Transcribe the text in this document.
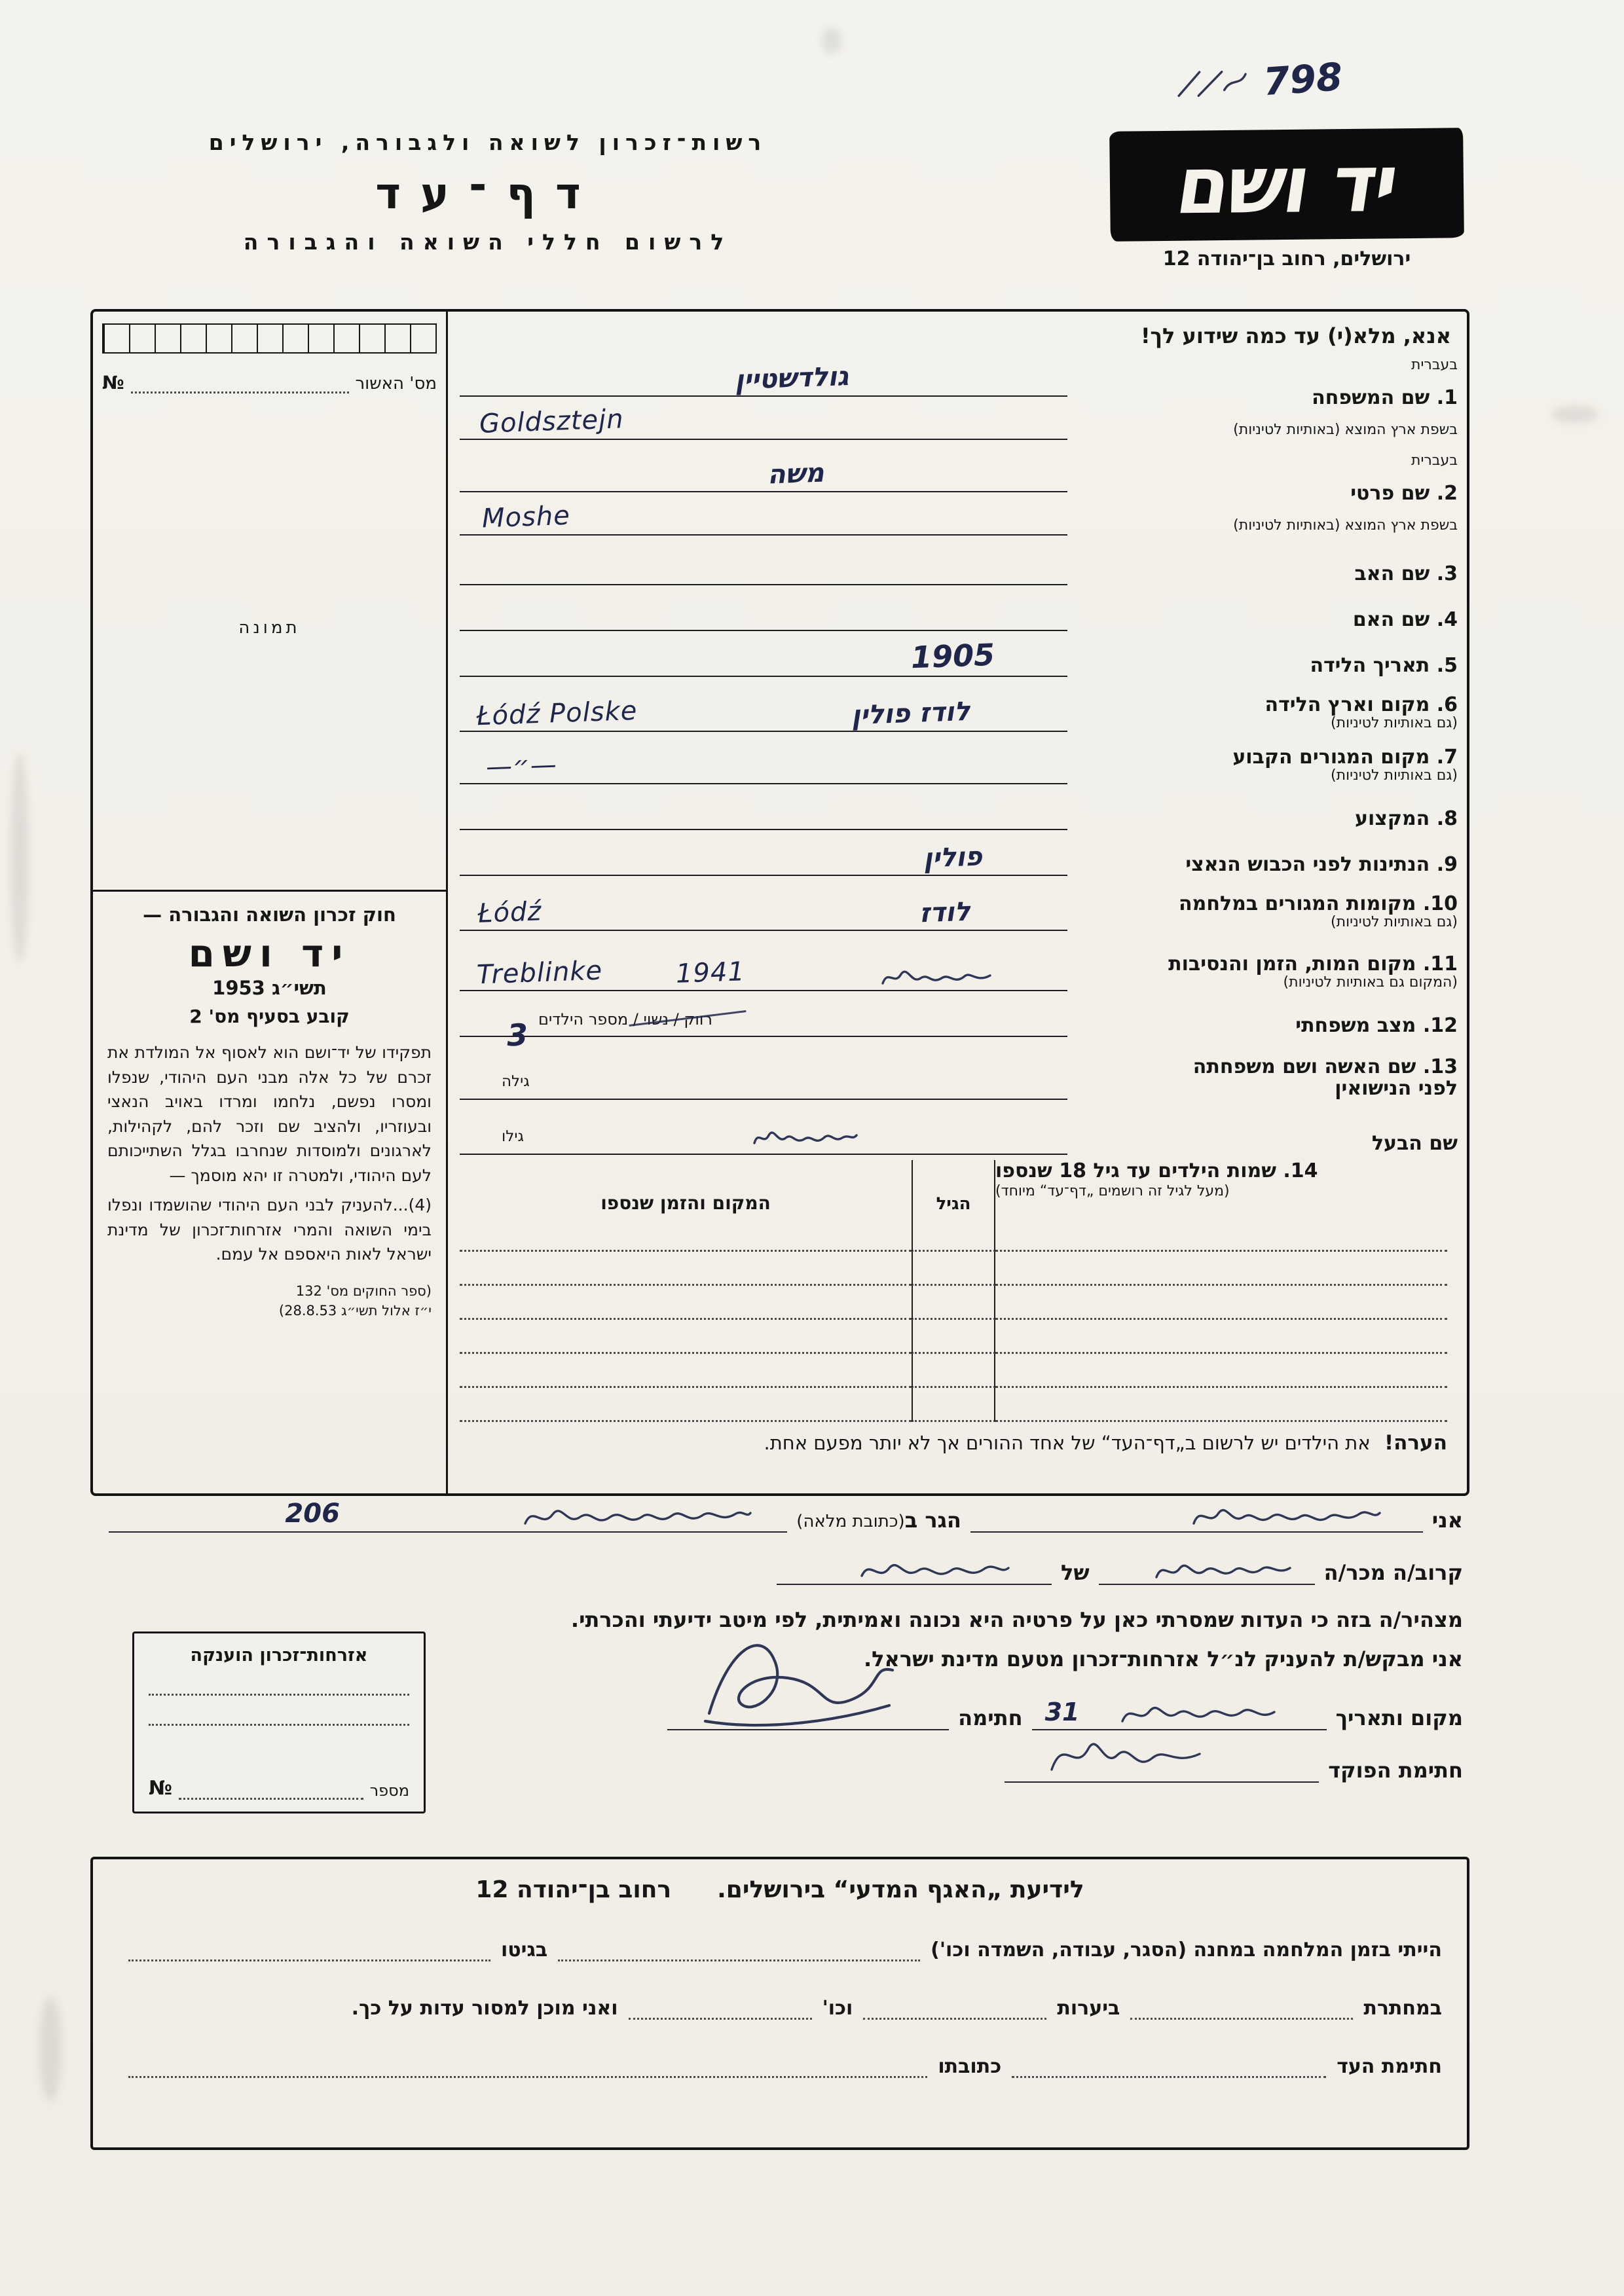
798
רשות־זכרון לשואה ולגבורה, ירושלים
דף־עד
לרשום חללי השואה והגבורה
יד ושם
ירושלים, רחוב בן־יהודה 12
אנא, מלא(י) עד כמה שידוע לך!
בעברית
1. שם המשפחה
בשפת ארץ המוצא (באותיות לטיניות)
גולדשטיין
Goldsztejn
בעברית
2. שם פרטי
בשפת ארץ המוצא (באותיות לטיניות)
משה
Moshe
3. שם האב
4. שם האם
5. תאריך הלידה
1905
6. מקום וארץ הלידה
(גם באותיות לטיניות)
לודז פולין
Łódź Polske
7. מקום המגורים הקבוע
(גם באותיות לטיניות)
—״—
8. המקצוע
9. הנתינות לפני הכבוש הנאצי
פולין
10. מקומות המגורים במלחמה
(גם באותיות לטיניות)
לודז
Łódź
11. מקום המות, הזמן והנסיבות
(המקום גם באותיות לטיניות)
Treblinke	1941
12. מצב משפחתי
רווק / נשוי / מספר הילדים
3
13. שם האשה ושם משפחתה
לפני הנישואין
גילה
שם הבעל
גילו
14. שמות הילדים עד גיל 18 שנספו
(מעל לגיל זה רושמים „דף־עד“ מיוחד)
הגיל
המקום והזמן שנספו
הערה! את הילדים יש לרשום ב„דף־העד“ של אחד ההורים אך לא יותר מפעם אחת.
מס' האשור
№
תמונה
חוק זכרון השואה והגבורה —
יד ושם
תשי״ג 1953
קובע בסעיף מס' 2

תפקידו של יד־ושם הוא לאסוף אל המולדת את זכרם של כל אלה מבני העם היהודי, שנפלו ומסרו נפשם, נלחמו ומרדו באויב הנאצי ובעוזריו, ולהציב שם וזכר להם, לקהילות, לארגונים ולמוסדות שנחרבו בגלל השתייכותם לעם היהודי, ולמטרה זו יהא מוסמך —

(4)...להעניק לבני העם היהודי שהושמדו ונפלו בימי השואה והמרי אזרחות־זכרון של מדינת ישראל לאות היאספם אל עמם.

(ספר החוקים מס' 132
י״ז אלול תשי״ג 28.8.53)
אני
הגר ב
(כתובת מלאה)
206
קרוב/ה מכר/ה
של
מצהיר/ה בזה כי העדות שמסרתי כאן על פרטיה היא נכונה ואמיתית, לפי מיטב ידיעתי והכרתי.
אני מבקש/ת להעניק לנ״ל אזרחות־זכרון מטעם מדינת ישראל.
מקום ותאריך
31
חתימה
חתימת הפוקד
אזרחות־זכרון הוענקה
מספר
№
לידיעת „האגף המדעי“ בירושלים.
רחוב בן־יהודה 12
הייתי בזמן המלחמה במחנה (הסגר, עבודה, השמדה וכו')
בגיטו
במחתרת
ביערות
וכו'
ואני מוכן למסור עדות על כך.
חתימת העד
כתובתו
